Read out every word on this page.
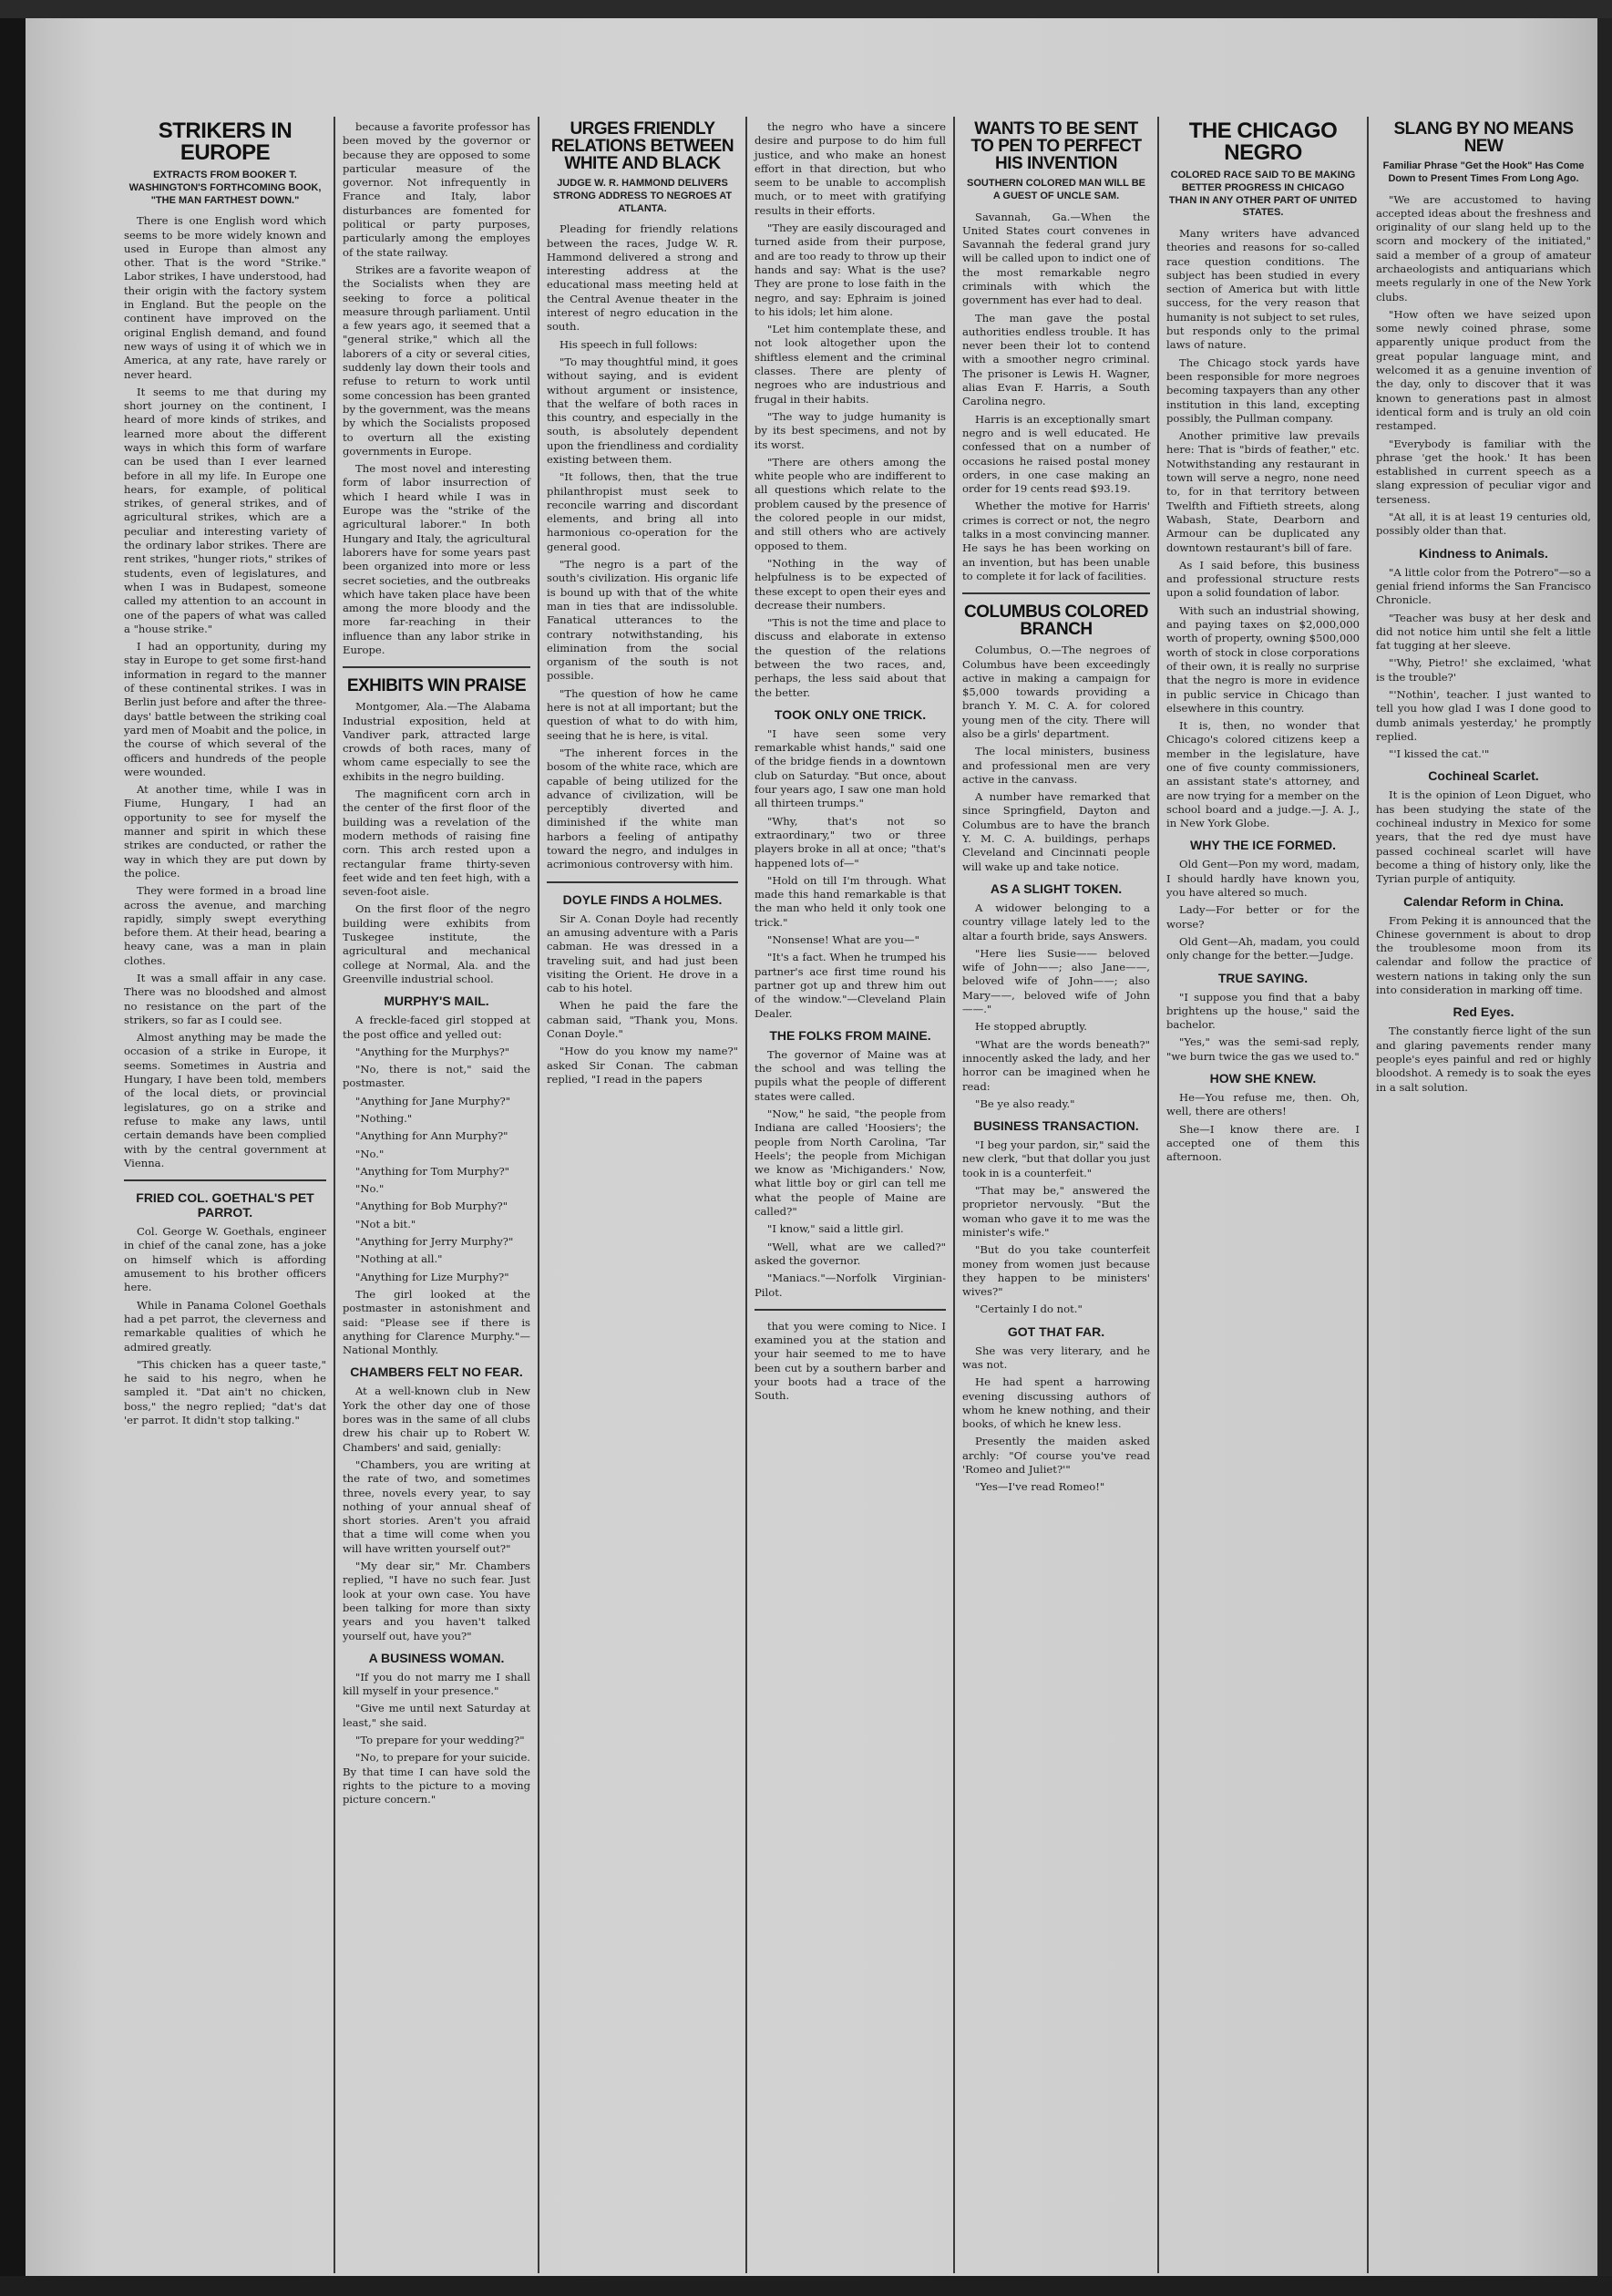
STRIKERS IN EUROPE
EXTRACTS FROM BOOKER T. WASHINGTON'S FORTHCOMING BOOK, "THE MAN FARTHEST DOWN."

There is one English word which seems to be more widely known and used in Europe than almost any other. That is the word "Strike." Labor strikes, I have understood, had their origin with the factory system in England. But the people on the continent have improved on the original English demand, and found new ways of using it of which we in America, at any rate, have rarely or never heard.

It seems to me that during my short journey on the continent, I heard of more kinds of strikes, and learned more about the different ways in which this form of warfare can be used than I ever learned before in all my life. In Europe one hears, for example, of political strikes, of general strikes, and of agricultural strikes, which are a peculiar and interesting variety of the ordinary labor strikes. There are rent strikes, "hunger riots," strikes of students, even of legislatures, and when I was in Budapest, someone called my attention to an account in one of the papers of what was called a "house strike."

I had an opportunity, during my stay in Europe to get some first-hand information in regard to the manner of these continental strikes. I was in Berlin just before and after the three-days' battle between the striking coal yard men of Moabit and the police, in the course of which several of the officers and hundreds of the people were wounded.

At another time, while I was in Fiume, Hungary, I had an opportunity to see for myself the manner and spirit in which these strikes are conducted, or rather the way in which they are put down by the police.

They were formed in a broad line across the avenue, and marching rapidly, simply swept everything before them. At their head, bearing a heavy cane, was a man in plain clothes.

It was a small affair in any case. There was no bloodshed and almost no resistance on the part of the strikers, so far as I could see.

Almost anything may be made the occasion of a strike in Europe, it seems. Sometimes in Austria and Hungary, I have been told, members of the local diets, or provincial legislatures, go on a strike and refuse to make any laws, until certain demands have been complied with by the central government at Vienna.

FRIED COL. GOETHAL'S PET PARROT.

Col. George W. Goethals, engineer in chief of the canal zone, has a joke on himself which is affording amusement to his brother officers here.

While in Panama Colonel Goethals had a pet parrot, the cleverness and remarkable qualities of which he admired greatly.

"This chicken has a queer taste," he said to his negro, when he sampled it. "Dat ain't no chicken, boss," the negro replied; "dat's dat 'er parrot. It didn't stop talking."

because a favorite professor has been moved by the governor or because they are opposed to some particular measure of the governor. Not infrequently in France and Italy, labor disturbances are fomented for political or party purposes, particularly among the employes of the state railway.

Strikes are a favorite weapon of the Socialists when they are seeking to force a political measure through parliament. Until a few years ago, it seemed that a "general strike," which all the laborers of a city or several cities, suddenly lay down their tools and refuse to return to work until some concession has been granted by the government, was the means by which the Socialists proposed to overturn all the existing governments in Europe.

The most novel and interesting form of labor insurrection of which I heard while I was in Europe was the "strike of the agricultural laborer." In both Hungary and Italy, the agricultural laborers have for some years past been organized into more or less secret societies, and the outbreaks which have taken place have been among the more bloody and the more far-reaching in their influence than any labor strike in Europe.

EXHIBITS WIN PRAISE

Montgomer, Ala.—The Alabama Industrial exposition, held at Vandiver park, attracted large crowds of both races, many of whom came especially to see the exhibits in the negro building.

The magnificent corn arch in the center of the first floor of the building was a revelation of the modern methods of raising fine corn. This arch rested upon a rectangular frame thirty-seven feet wide and ten feet high, with a seven-foot aisle.

On the first floor of the negro building were exhibits from Tuskegee institute, the agricultural and mechanical college at Normal, Ala. and the Greenville industrial school.

MURPHY'S MAIL.

A freckle-faced girl stopped at the post office and yelled out:

"Anything for the Murphys?"

"No, there is not," said the postmaster.

"Anything for Jane Murphy?"

"Nothing."

"Anything for Ann Murphy?"

"No."

"Anything for Tom Murphy?"

"No."

"Anything for Bob Murphy?"

"Not a bit."

"Anything for Jerry Murphy?"

"Nothing at all."

"Anything for Lize Murphy?"

The girl looked at the postmaster in astonishment and said: "Please see if there is anything for Clarence Murphy."—National Monthly.

CHAMBERS FELT NO FEAR.

At a well-known club in New York the other day one of those bores was in the same of all clubs drew his chair up to Robert W. Chambers' and said, genially:

"Chambers, you are writing at the rate of two, and sometimes three, novels every year, to say nothing of your annual sheaf of short stories. Aren't you afraid that a time will come when you will have written yourself out?"

"My dear sir," Mr. Chambers replied, "I have no such fear. Just look at your own case. You have been talking for more than sixty years and you haven't talked yourself out, have you?"

A BUSINESS WOMAN.

"If you do not marry me I shall kill myself in your presence."

"Give me until next Saturday at least," she said.

"To prepare for your wedding?"

"No, to prepare for your suicide. By that time I can have sold the rights to the picture to a moving picture concern."

URGES FRIENDLY RELATIONS BETWEEN WHITE AND BLACK
JUDGE W. R. HAMMOND DELIVERS STRONG ADDRESS TO NEGROES AT ATLANTA.

Pleading for friendly relations between the races, Judge W. R. Hammond delivered a strong and interesting address at the educational mass meeting held at the Central Avenue theater in the interest of negro education in the south.

His speech in full follows:

"To may thoughtful mind, it goes without saying, and is evident without argument or insistence, that the welfare of both races in this country, and especially in the south, is absolutely dependent upon the friendliness and cordiality existing between them.

"It follows, then, that the true philanthropist must seek to reconcile warring and discordant elements, and bring all into harmonious co-operation for the general good.

"The negro is a part of the south's civilization. His organic life is bound up with that of the white man in ties that are indissoluble. Fanatical utterances to the contrary notwithstanding, his elimination from the social organism of the south is not possible.

"The question of how he came here is not at all important; but the question of what to do with him, seeing that he is here, is vital.

"The inherent forces in the bosom of the white race, which are capable of being utilized for the advance of civilization, will be perceptibly diverted and diminished if the white man harbors a feeling of antipathy toward the negro, and indulges in acrimonious controversy with him.

DOYLE FINDS A HOLMES.

Sir A. Conan Doyle had recently an amusing adventure with a Paris cabman. He was dressed in a traveling suit, and had just been visiting the Orient. He drove in a cab to his hotel.

When he paid the fare the cabman said, "Thank you, Mons. Conan Doyle."

"How do you know my name?" asked Sir Conan. The cabman replied, "I read in the papers

the negro who have a sincere desire and purpose to do him full justice, and who make an honest effort in that direction, but who seem to be unable to accomplish much, or to meet with gratifying results in their efforts.

"They are easily discouraged and turned aside from their purpose, and are too ready to throw up their hands and say: What is the use? They are prone to lose faith in the negro, and say: Ephraim is joined to his idols; let him alone.

"Let him contemplate these, and not look altogether upon the shiftless element and the criminal classes. There are plenty of negroes who are industrious and frugal in their habits.

"The way to judge humanity is by its best specimens, and not by its worst.

"There are others among the white people who are indifferent to all questions which relate to the problem caused by the presence of the colored people in our midst, and still others who are actively opposed to them.

"Nothing in the way of helpfulness is to be expected of these except to open their eyes and decrease their numbers.

"This is not the time and place to discuss and elaborate in extenso the question of the relations between the two races, and, perhaps, the less said about that the better.

TOOK ONLY ONE TRICK.

"I have seen some very remarkable whist hands," said one of the bridge fiends in a downtown club on Saturday. "But once, about four years ago, I saw one man hold all thirteen trumps."

"Why, that's not so extraordinary," two or three players broke in all at once; "that's happened lots of—"

"Hold on till I'm through. What made this hand remarkable is that the man who held it only took one trick."

"Nonsense! What are you—"

"It's a fact. When he trumped his partner's ace first time round his partner got up and threw him out of the window."—Cleveland Plain Dealer.

THE FOLKS FROM MAINE.

The governor of Maine was at the school and was telling the pupils what the people of different states were called.

"Now," he said, "the people from Indiana are called 'Hoosiers'; the people from North Carolina, 'Tar Heels'; the people from Michigan we know as 'Michiganders.' Now, what little boy or girl can tell me what the people of Maine are called?"

"I know," said a little girl.

"Well, what are we called?" asked the governor.

"Maniacs."—Norfolk Virginian-Pilot.

that you were coming to Nice. I examined you at the station and your hair seemed to me to have been cut by a southern barber and your boots had a trace of the South.

WANTS TO BE SENT TO PEN TO PERFECT HIS INVENTION
SOUTHERN COLORED MAN WILL BE A GUEST OF UNCLE SAM.

Savannah, Ga.—When the United States court convenes in Savannah the federal grand jury will be called upon to indict one of the most remarkable negro criminals with which the government has ever had to deal.

The man gave the postal authorities endless trouble. It has never been their lot to contend with a smoother negro criminal. The prisoner is Lewis H. Wagner, alias Evan F. Harris, a South Carolina negro.

Harris is an exceptionally smart negro and is well educated. He confessed that on a number of occasions he raised postal money orders, in one case making an order for 19 cents read $93.19.

Whether the motive for Harris' crimes is correct or not, the negro talks in a most convincing manner. He says he has been working on an invention, but has been unable to complete it for lack of facilities.

COLUMBUS COLORED BRANCH

Columbus, O.—The negroes of Columbus have been exceedingly active in making a campaign for $5,000 towards providing a branch Y. M. C. A. for colored young men of the city. There will also be a girls' department.

The local ministers, business and professional men are very active in the canvass.

A number have remarked that since Springfield, Dayton and Columbus are to have the branch Y. M. C. A. buildings, perhaps Cleveland and Cincinnati people will wake up and take notice.

AS A SLIGHT TOKEN.

A widower belonging to a country village lately led to the altar a fourth bride, says Answers.

"Here lies Susie—— beloved wife of John——; also Jane——, beloved wife of John——; also Mary——, beloved wife of John——."

He stopped abruptly.

"What are the words beneath?" innocently asked the lady, and her horror can be imagined when he read:

"Be ye also ready."

BUSINESS TRANSACTION.

"I beg your pardon, sir," said the new clerk, "but that dollar you just took in is a counterfeit."

"That may be," answered the proprietor nervously. "But the woman who gave it to me was the minister's wife."

"But do you take counterfeit money from women just because they happen to be ministers' wives?"

"Certainly I do not."

GOT THAT FAR.

She was very literary, and he was not.

He had spent a harrowing evening discussing authors of whom he knew nothing, and their books, of which he knew less.

Presently the maiden asked archly: "Of course you've read 'Romeo and Juliet?'"

"Yes—I've read Romeo!"

THE CHICAGO NEGRO
COLORED RACE SAID TO BE MAKING BETTER PROGRESS IN CHICAGO THAN IN ANY OTHER PART OF UNITED STATES.

Many writers have advanced theories and reasons for so-called race question conditions. The subject has been studied in every section of America but with little success, for the very reason that humanity is not subject to set rules, but responds only to the primal laws of nature.

The Chicago stock yards have been responsible for more negroes becoming taxpayers than any other institution in this land, excepting possibly, the Pullman company.

Another primitive law prevails here: That is "birds of feather," etc. Notwithstanding any restaurant in town will serve a negro, none need to, for in that territory between Twelfth and Fiftieth streets, along Wabash, State, Dearborn and Armour can be duplicated any downtown restaurant's bill of fare.

As I said before, this business and professional structure rests upon a solid foundation of labor.

With such an industrial showing, and paying taxes on $2,000,000 worth of property, owning $500,000 worth of stock in close corporations of their own, it is really no surprise that the negro is more in evidence in public service in Chicago than elsewhere in this country.

It is, then, no wonder that Chicago's colored citizens keep a member in the legislature, have one of five county commissioners, an assistant state's attorney, and are now trying for a member on the school board and a judge.—J. A. J., in New York Globe.

WHY THE ICE FORMED.

Old Gent—Pon my word, madam, I should hardly have known you, you have altered so much.

Lady—For better or for the worse?

Old Gent—Ah, madam, you could only change for the better.—Judge.

TRUE SAYING.

"I suppose you find that a baby brightens up the house," said the bachelor.

"Yes," was the semi-sad reply, "we burn twice the gas we used to."

HOW SHE KNEW.

He—You refuse me, then. Oh, well, there are others!

She—I know there are. I accepted one of them this afternoon.

SLANG BY NO MEANS NEW
Familiar Phrase "Get the Hook" Has Come Down to Present Times From Long Ago.

"We are accustomed to having accepted ideas about the freshness and originality of our slang held up to the scorn and mockery of the initiated," said a member of a group of amateur archaeologists and antiquarians which meets regularly in one of the New York clubs.

"How often we have seized upon some newly coined phrase, some apparently unique product from the great popular language mint, and welcomed it as a genuine invention of the day, only to discover that it was known to generations past in almost identical form and is truly an old coin restamped.

"Everybody is familiar with the phrase 'get the hook.' It has been established in current speech as a slang expression of peculiar vigor and terseness.

"At all, it is at least 19 centuries old, possibly older than that.

Kindness to Animals.

"A little color from the Potrero"—so a genial friend informs the San Francisco Chronicle.

"Teacher was busy at her desk and did not notice him until she felt a little fat tugging at her sleeve.

"'Why, Pietro!' she exclaimed, 'what is the trouble?'

"'Nothin', teacher. I just wanted to tell you how glad I was I done good to dumb animals yesterday,' he promptly replied.

"'I kissed the cat.'"

Cochineal Scarlet.

It is the opinion of Leon Diguet, who has been studying the state of the cochineal industry in Mexico for some years, that the red dye must have passed cochineal scarlet will have become a thing of history only, like the Tyrian purple of antiquity.

Calendar Reform in China.

From Peking it is announced that the Chinese government is about to drop the troublesome moon from its calendar and follow the practice of western nations in taking only the sun into consideration in marking off time.

Red Eyes.

The constantly fierce light of the sun and glaring pavements render many people's eyes painful and red or highly bloodshot. A remedy is to soak the eyes in a salt solution.
